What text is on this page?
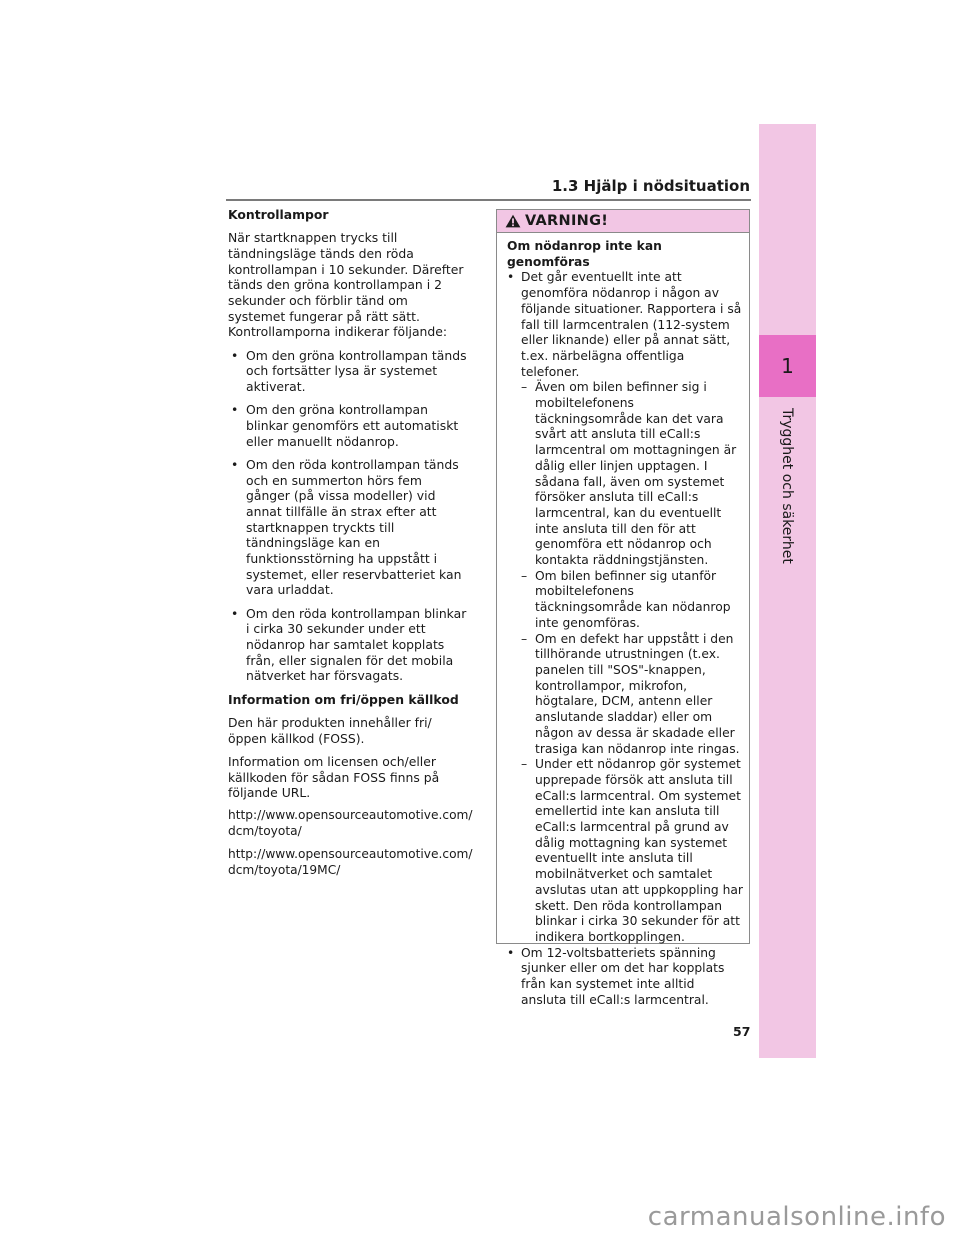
1.3 Hjälp i nödsituation

Kontrollampor

När startknappen trycks till tändningsläge tänds den röda kontrollampan i 10 sekunder. Därefter tänds den gröna kontrollampan i 2 sekunder och förblir tänd om systemet fungerar på rätt sätt. Kontrollamporna indikerar följande:

• Om den gröna kontrollampan tänds och fortsätter lysa är systemet aktiverat.
• Om den gröna kontrollampan blinkar genomförs ett automatiskt eller manuellt nödanrop.
• Om den röda kontrollampan tänds och en summerton hörs fem gånger (på vissa modeller) vid annat tillfälle än strax efter att startknappen tryckts till tändningsläge kan en funktionsstörning ha uppstått i systemet, eller reservbatteriet kan vara urladdat.
• Om den röda kontrollampan blinkar i cirka 30 sekunder under ett nödanrop har samtalet kopplats från, eller signalen för det mobila nätverket har försvagats.

Information om fri/öppen källkod

Den här produkten innehåller fri/öppen källkod (FOSS).

Information om licensen och/eller källkoden för sådan FOSS finns på följande URL.

http://www.opensourceautomotive.com/
dcm/toyota/

http://www.opensourceautomotive.com/
dcm/toyota/19MC/

VARNING!

Om nödanrop inte kan genomföras

• Det går eventuellt inte att genomföra nödanrop i någon av följande situationer. Rapportera i så fall till larmcentralen (112-system eller liknande) eller på annat sätt, t.ex. närbelägna offentliga telefoner.
– Även om bilen befinner sig i mobiltelefonens täckningsområde kan det vara svårt att ansluta till eCall:s larmcentral om mottagningen är dålig eller linjen upptagen. I sådana fall, även om systemet försöker ansluta till eCall:s larmcentral, kan du eventuellt inte ansluta till den för att genomföra ett nödanrop och kontakta räddningstjänsten.
– Om bilen befinner sig utanför mobiltelefonens täckningsområde kan nödanrop inte genomföras.
– Om en defekt har uppstått i den tillhörande utrustningen (t.ex. panelen till "SOS"-knappen, kontrollampor, mikrofon, högtalare, DCM, antenn eller anslutande sladdar) eller om någon av dessa är skadade eller trasiga kan nödanrop inte ringas.
– Under ett nödanrop gör systemet upprepade försök att ansluta till eCall:s larmcentral. Om systemet emellertid inte kan ansluta till eCall:s larmcentral på grund av dålig mottagning kan systemet eventuellt inte ansluta till mobilnätverket och samtalet avslutas utan att uppkoppling har skett. Den röda kontrollampan blinkar i cirka 30 sekunder för att indikera bortkopplingen.
• Om 12-voltsbatteriets spänning sjunker eller om det har kopplats från kan systemet inte alltid ansluta till eCall:s larmcentral.
1
Trygghet och säkerhet
57
carmanualsonline.info
